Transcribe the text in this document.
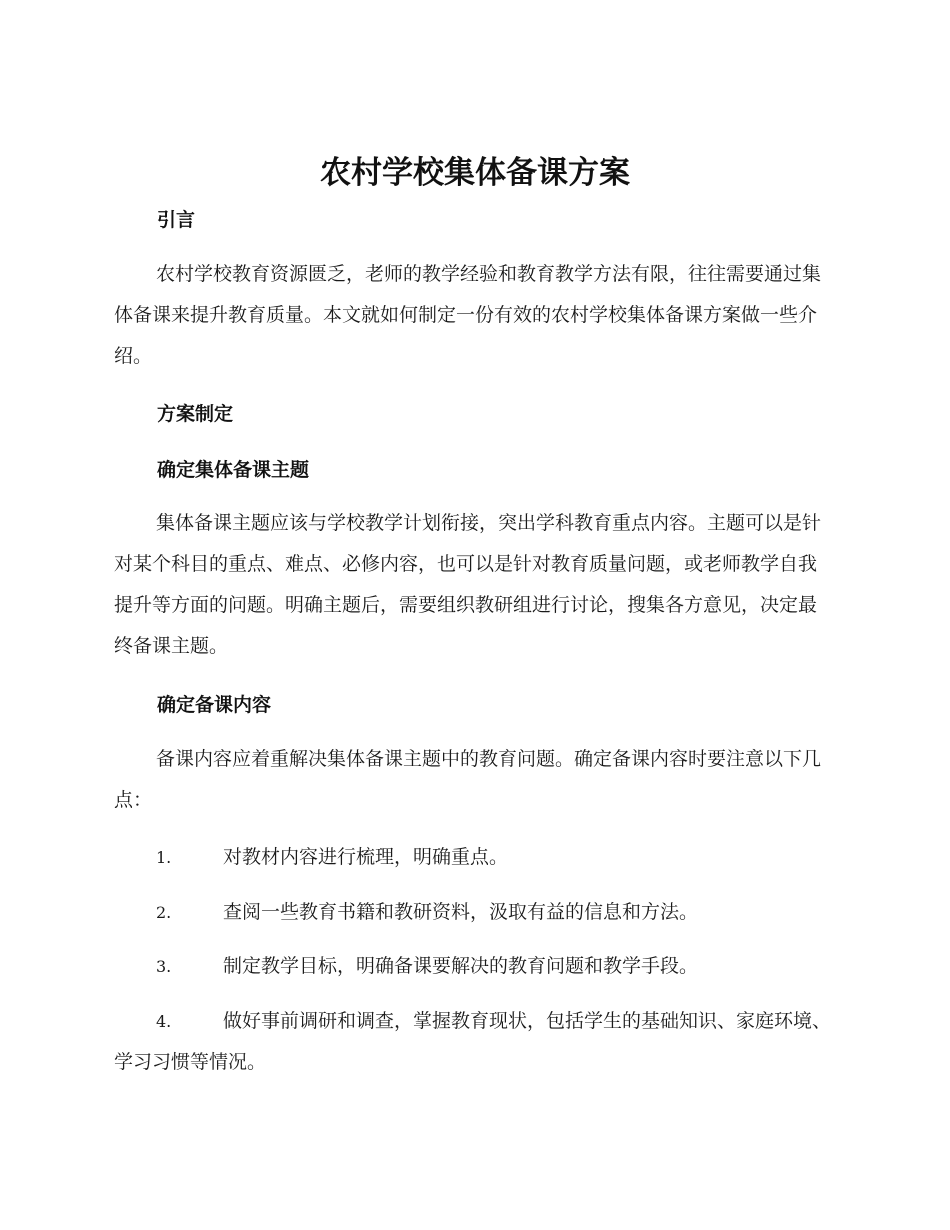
农村学校集体备课方案
引言

农村学校教育资源匮乏，老师的教学经验和教育教学方法有限，往往需要通过集体备课来提升教育质量。本文就如何制定一份有效的农村学校集体备课方案做一些介绍。

方案制定
确定集体备课主题

集体备课主题应该与学校教学计划衔接，突出学科教育重点内容。主题可以是针对某个科目的重点、难点、必修内容，也可以是针对教育质量问题，或老师教学自我提升等方面的问题。明确主题后，需要组织教研组进行讨论，搜集各方意见，决定最终备课主题。

确定备课内容

备课内容应着重解决集体备课主题中的教育问题。确定备课内容时要注意以下几点：

1.	对教材内容进行梳理，明确重点。

2.	查阅一些教育书籍和教研资料，汲取有益的信息和方法。

3.	制定教学目标，明确备课要解决的教育问题和教学手段。

4.	做好事前调研和调查，掌握教育现状，包括学生的基础知识、家庭环境、学习习惯等情况。
